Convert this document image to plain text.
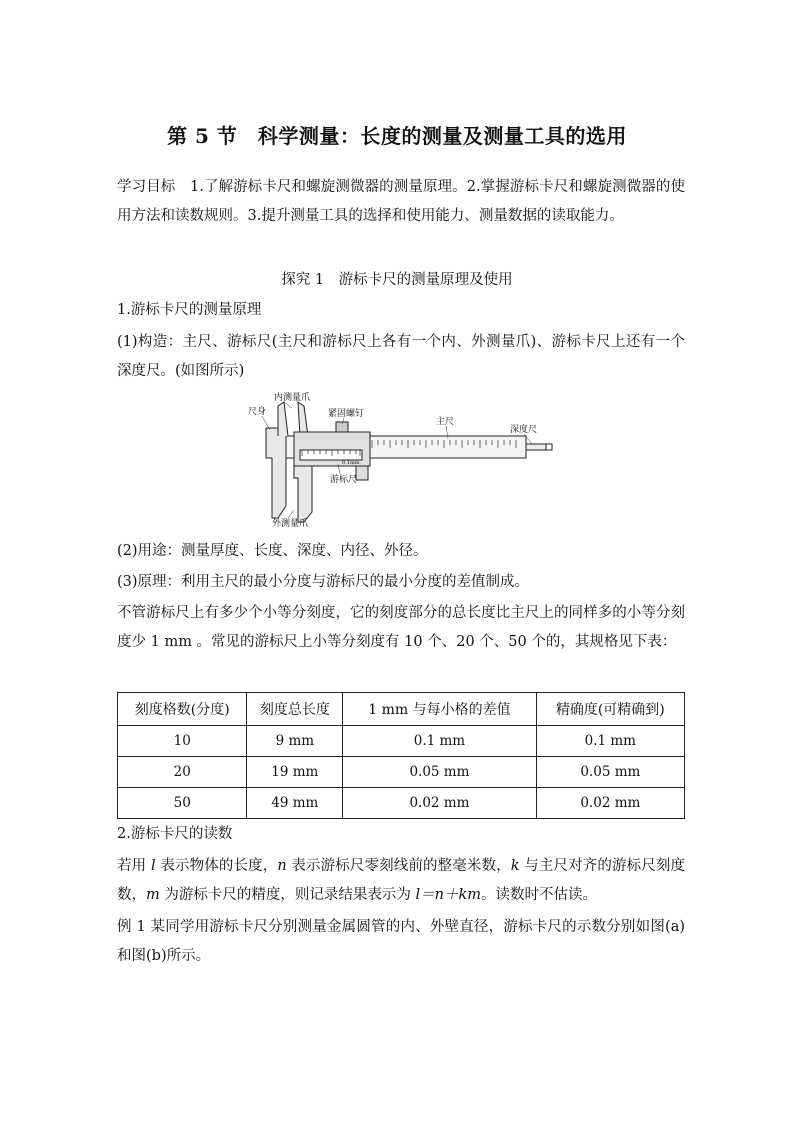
第 5 节　科学测量：长度的测量及测量工具的选用
学习目标　 1.了解游标卡尺和螺旋测微器的测量原理。2.掌握游标卡尺和螺旋测微器的使用方法和读数规则。3.提升测量工具的选择和使用能力、测量数据的读取能力。
探究 1　游标卡尺的测量原理及使用
1.游标卡尺的测量原理
(1)构造：主尺、游标尺(主尺和游标尺上各有一个内、外测量爪)、游标卡尺上还有一个深度尺。(如图所示)
内测量爪
尺身	紧固螺钉
主尺
深度尺
游标尺
外测量爪
0.1mm
(2)用途：测量厚度、长度、深度、内径、外径。
(3)原理：利用主尺的最小分度与游标尺的最小分度的差值制成。
不管游标尺上有多少个小等分刻度，它的刻度部分的总长度比主尺上的同样多的小等分刻度少 1 mm 。常见的游标尺上小等分刻度有 10 个、20 个、50 个的，其规格见下表：
刻度格数(分度)	刻度总长度	1 mm 与每小格的差值	精确度(可精确到)
10	9 mm	0.1 mm	0.1 mm
20	19 mm	0.05 mm	0.05 mm
50	49 mm	0.02 mm	0.02 mm
2.游标卡尺的读数
若用 l 表示物体的长度，n 表示游标尺零刻线前的整毫米数，k 与主尺对齐的游标尺刻度数，m 为游标卡尺的精度，则记录结果表示为 l＝n＋km。读数时不估读。
例 1 某同学用游标卡尺分别测量金属圆管的内、外壁直径，游标卡尺的示数分别如图(a)和图(b)所示。
